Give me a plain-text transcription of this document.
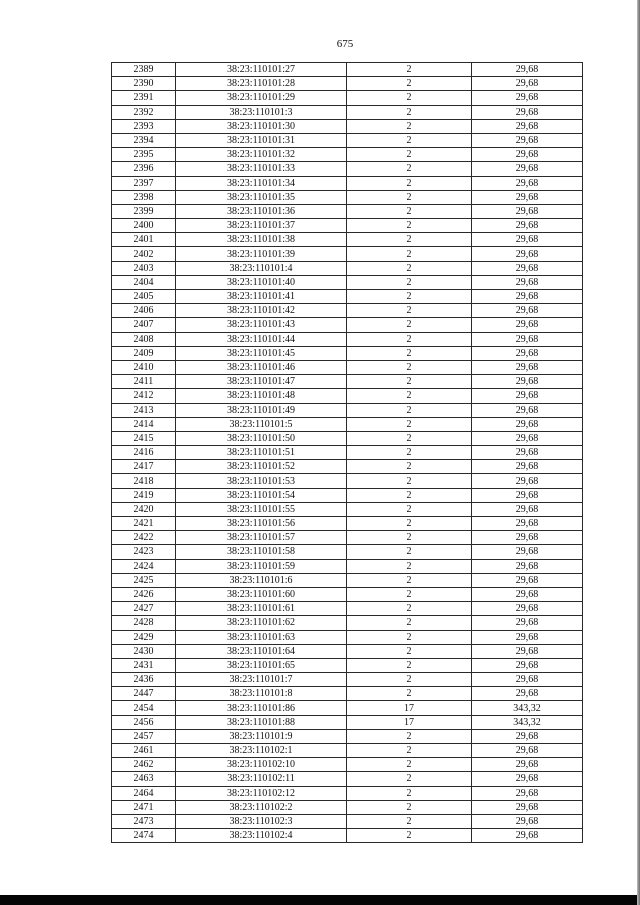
675
2389	38:23:110101:27	2	29,68
2390	38:23:110101:28	2	29,68
2391	38:23:110101:29	2	29,68
2392	38:23:110101:3	2	29,68
2393	38:23:110101:30	2	29,68
2394	38:23:110101:31	2	29,68
2395	38:23:110101:32	2	29,68
2396	38:23:110101:33	2	29,68
2397	38:23:110101:34	2	29,68
2398	38:23:110101:35	2	29,68
2399	38:23:110101:36	2	29,68
2400	38:23:110101:37	2	29,68
2401	38:23:110101:38	2	29,68
2402	38:23:110101:39	2	29,68
2403	38:23:110101:4	2	29,68
2404	38:23:110101:40	2	29,68
2405	38:23:110101:41	2	29,68
2406	38:23:110101:42	2	29,68
2407	38:23:110101:43	2	29,68
2408	38:23:110101:44	2	29,68
2409	38:23:110101:45	2	29,68
2410	38:23:110101:46	2	29,68
2411	38:23:110101:47	2	29,68
2412	38:23:110101:48	2	29,68
2413	38:23:110101:49	2	29,68
2414	38:23:110101:5	2	29,68
2415	38:23:110101:50	2	29,68
2416	38:23:110101:51	2	29,68
2417	38:23:110101:52	2	29,68
2418	38:23:110101:53	2	29,68
2419	38:23:110101:54	2	29,68
2420	38:23:110101:55	2	29,68
2421	38:23:110101:56	2	29,68
2422	38:23:110101:57	2	29,68
2423	38:23:110101:58	2	29,68
2424	38:23:110101:59	2	29,68
2425	38:23:110101:6	2	29,68
2426	38:23:110101:60	2	29,68
2427	38:23:110101:61	2	29,68
2428	38:23:110101:62	2	29,68
2429	38:23:110101:63	2	29,68
2430	38:23:110101:64	2	29,68
2431	38:23:110101:65	2	29,68
2436	38:23:110101:7	2	29,68
2447	38:23:110101:8	2	29,68
2454	38:23:110101:86	17	343,32
2456	38:23:110101:88	17	343,32
2457	38:23:110101:9	2	29,68
2461	38:23:110102:1	2	29,68
2462	38:23:110102:10	2	29,68
2463	38:23:110102:11	2	29,68
2464	38:23:110102:12	2	29,68
2471	38:23:110102:2	2	29,68
2473	38:23:110102:3	2	29,68
2474	38:23:110102:4	2	29,68
